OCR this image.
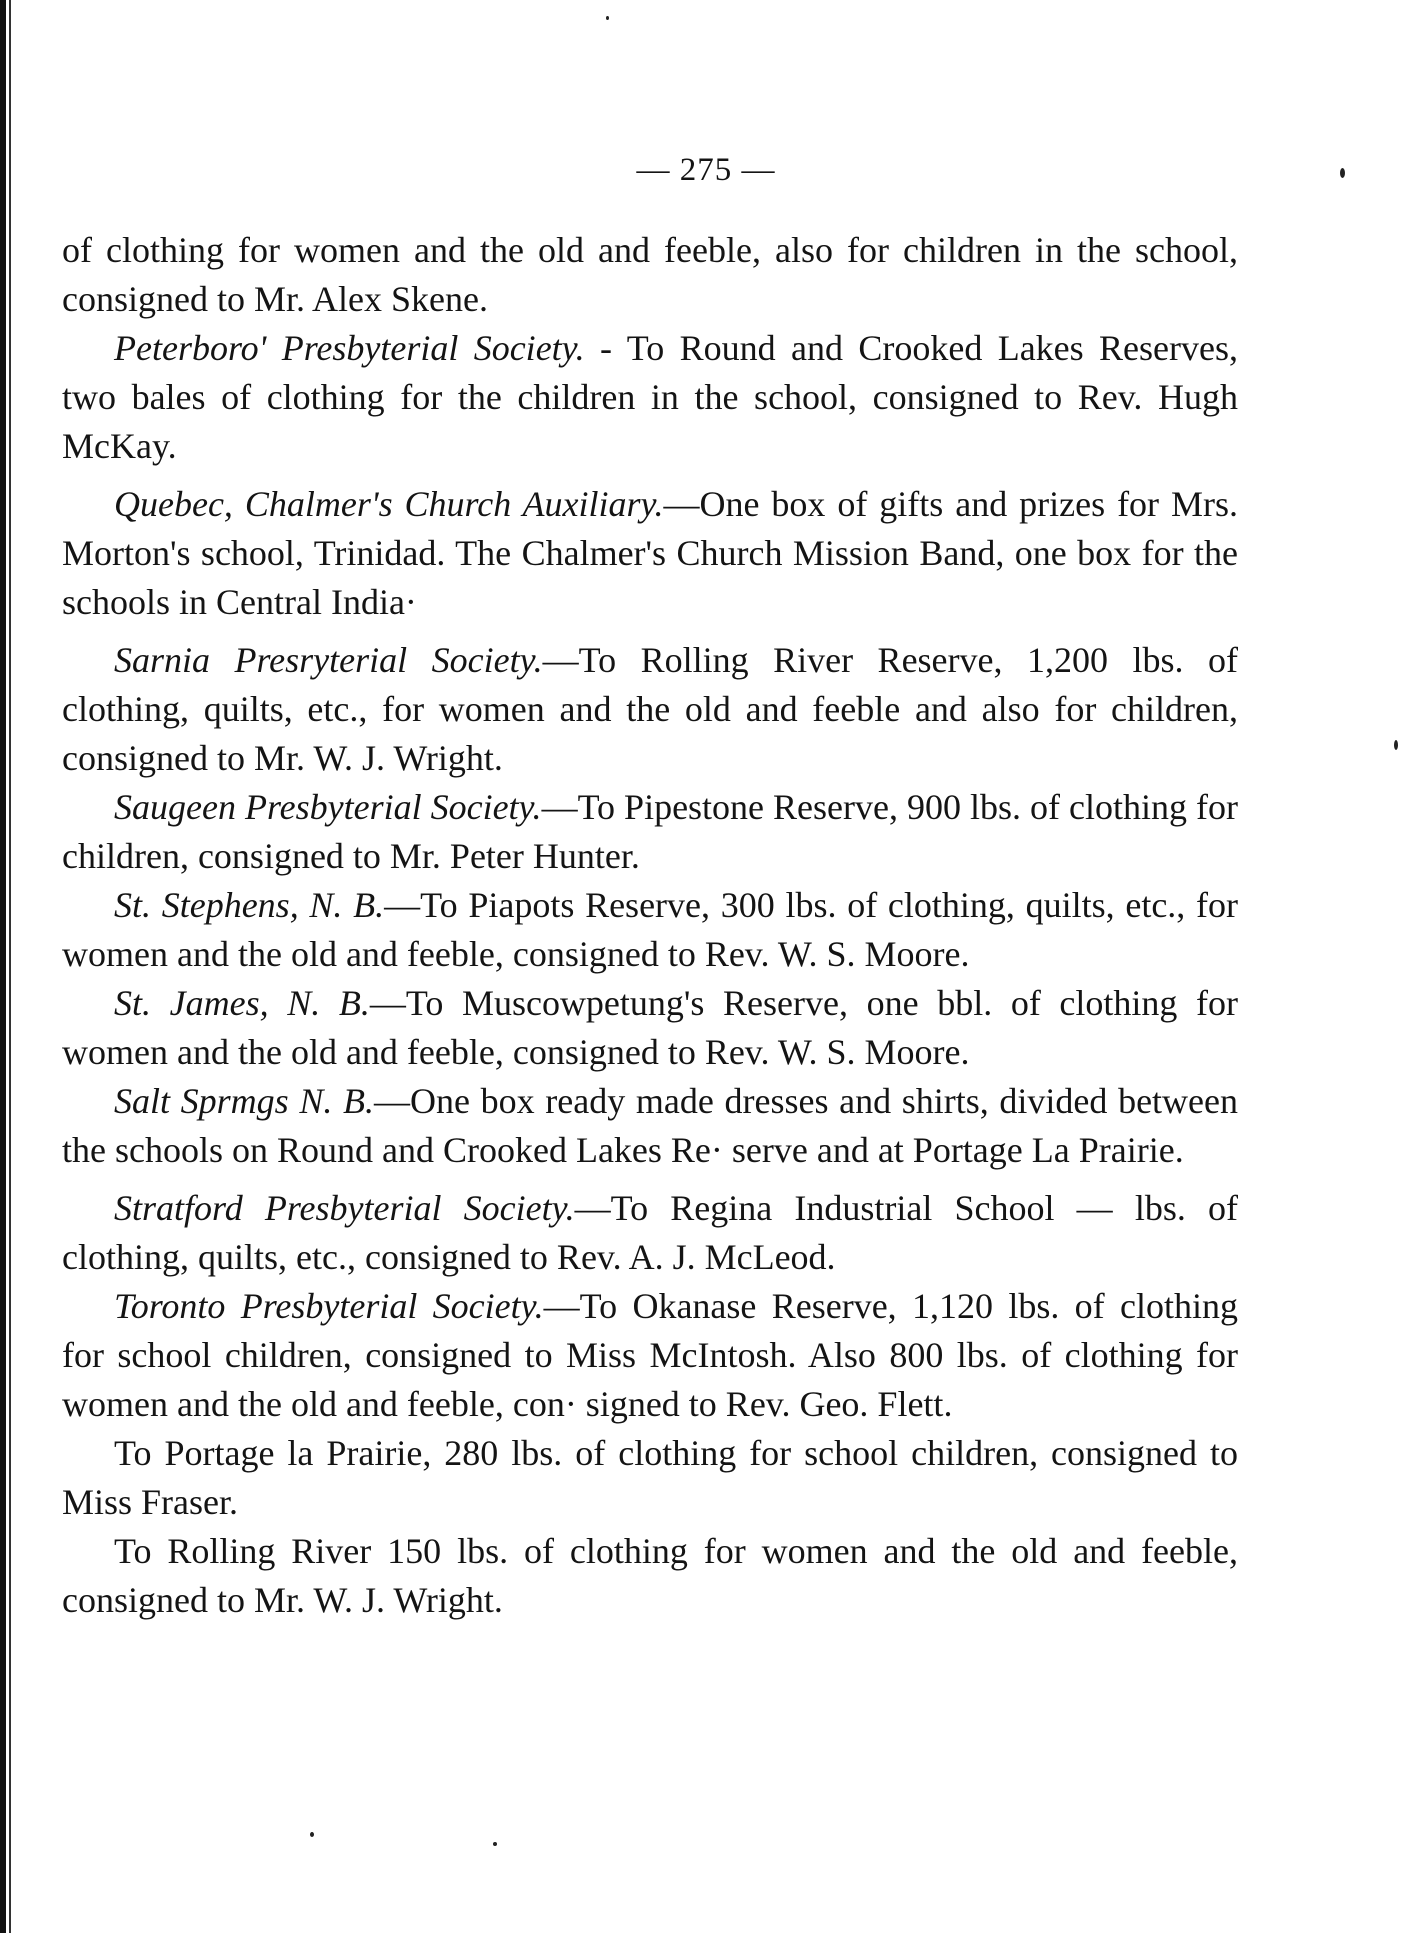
— 275 —

of clothing for women and the old and feeble, also for children in the school, consigned to Mr. Alex Skene.

Peterboro' Presbyterial Society. - To Round and Crooked Lakes Reserves, two bales of clothing for the children in the school, consigned to Rev. Hugh McKay.

Quebec, Chalmer's Church Auxiliary.—One box of gifts and prizes for Mrs. Morton's school, Trinidad. The Chalmer's Church Mission Band, one box for the schools in Central India·

Sarnia Presryterial Society.—To Rolling River Reserve, 1,200 lbs. of clothing, quilts, etc., for women and the old and feeble and also for children, consigned to Mr. W. J. Wright.

Saugeen Presbyterial Society.—To Pipestone Reserve, 900 lbs. of clothing for children, consigned to Mr. Peter Hunter.

St. Stephens, N. B.—To Piapots Reserve, 300 lbs. of clothing, quilts, etc., for women and the old and feeble, consigned to Rev. W. S. Moore.

St. James, N. B.—To Muscowpetung's Reserve, one bbl. of clothing for women and the old and feeble, consigned to Rev. W. S. Moore.

Salt Sprmgs N. B.—One box ready made dresses and shirts, divided between the schools on Round and Crooked Lakes Re· serve and at Portage La Prairie.

Stratford Presbyterial Society.—To Regina Industrial School — lbs. of clothing, quilts, etc., consigned to Rev. A. J. McLeod.

Toronto Presbyterial Society.—To Okanase Reserve, 1,120 lbs. of clothing for school children, consigned to Miss McIntosh. Also 800 lbs. of clothing for women and the old and feeble, con· signed to Rev. Geo. Flett.

To Portage la Prairie, 280 lbs. of clothing for school children, consigned to Miss Fraser.

To Rolling River 150 lbs. of clothing for women and the old and feeble, consigned to Mr. W. J. Wright.
